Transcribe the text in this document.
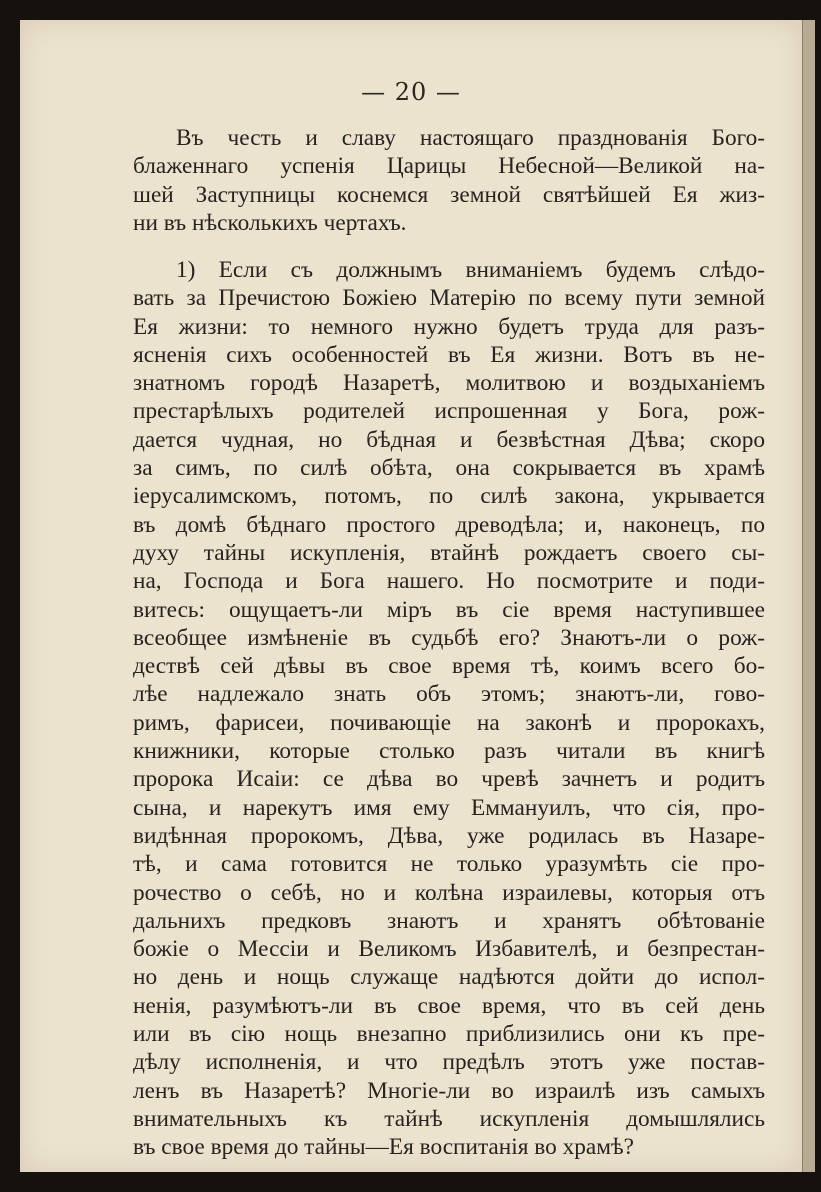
— 20 —

Въ честь и славу настоящаго празднованія Бого-
блаженнаго успенія Царицы Небесной—Великой на-
шей Заступницы коснемся земной святѣйшей Ея жиз-
ни въ нѣсколькихъ чертахъ.

1) Если съ должнымъ вниманіемъ будемъ слѣдо-
вать за Пречистою Божіею Матерію по всему пути земной
Ея жизни: то немного нужно будетъ труда для разъ-
ясненія сихъ особенностей въ Ея жизни. Вотъ въ не-
знатномъ городѣ Назаретѣ, молитвою и воздыханіемъ
престарѣлыхъ родителей испрошенная у Бога, рож-
дается чудная, но бѣдная и безвѣстная Дѣва; скоро
за симъ, по силѣ обѣта, она сокрывается въ храмѣ
іерусалимскомъ, потомъ, по силѣ закона, укрывается
въ домѣ бѣднаго простого древодѣла; и, наконецъ, по
духу тайны искупленія, втайнѣ рождаетъ своего сы-
на, Господа и Бога нашего. Но посмотрите и поди-
витесь: ощущаетъ-ли міръ въ сіе время наступившее
всеобщее измѣненіе въ судьбѣ его? Знаютъ-ли о рож-
дествѣ сей дѣвы въ свое время тѣ, коимъ всего бо-
лѣе надлежало знать объ этомъ; знаютъ-ли, гово-
римъ, фарисеи, почивающіе на законѣ и пророкахъ,
книжники, которые столько разъ читали въ книгѣ
пророка Исаіи: се дѣва во чревѣ зачнетъ и родитъ
сына, и нарекутъ имя ему Еммануилъ, что сія, про-
видѣнная пророкомъ, Дѣва, уже родилась въ Назаре-
тѣ, и сама готовится не только уразумѣть сіе про-
рочество о себѣ, но и колѣна израилевы, которыя отъ
дальнихъ предковъ знаютъ и хранятъ обѣтованіе
божіе о Мессіи и Великомъ Избавителѣ, и безпрестан-
но день и нощь служаще надѣются дойти до испол-
ненія, разумѣютъ-ли въ свое время, что въ сей день
или въ сію нощь внезапно приблизились они къ пре-
дѣлу исполненія, и что предѣлъ этотъ уже постав-
ленъ въ Назаретѣ? Многіе-ли во израилѣ изъ самыхъ
внимательныхъ къ тайнѣ искупленія домышлялись
въ свое время до тайны—Ея воспитанія во храмѣ?
